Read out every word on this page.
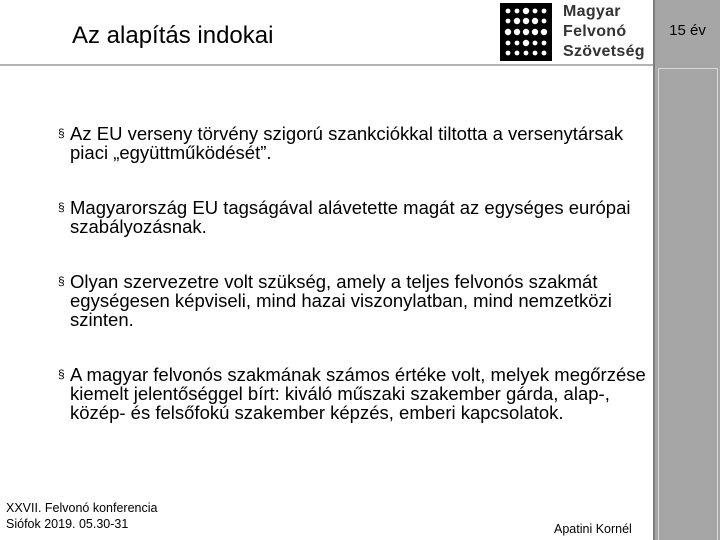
15 év
Az alapítás indokai
Magyar
Felvonó
Szövetség
§ Az EU verseny törvény szigorú szankciókkal tiltotta a versenytársak piaci „együttműködését”.
§ Magyarország EU tagságával alávetette magát az egységes európai szabályozásnak.
§ Olyan szervezetre volt szükség, amely a teljes felvonós szakmát egységesen képviseli, mind hazai viszonylatban, mind nemzetközi szinten.
§ A magyar felvonós szakmának számos értéke volt, melyek megőrzése kiemelt jelentőséggel bírt: kiváló műszaki szakember gárda, alap-, közép- és felsőfokú szakember képzés, emberi kapcsolatok.
XXVII. Felvonó konferencia
Siófok 2019. 05.30-31	Apatini Kornél
